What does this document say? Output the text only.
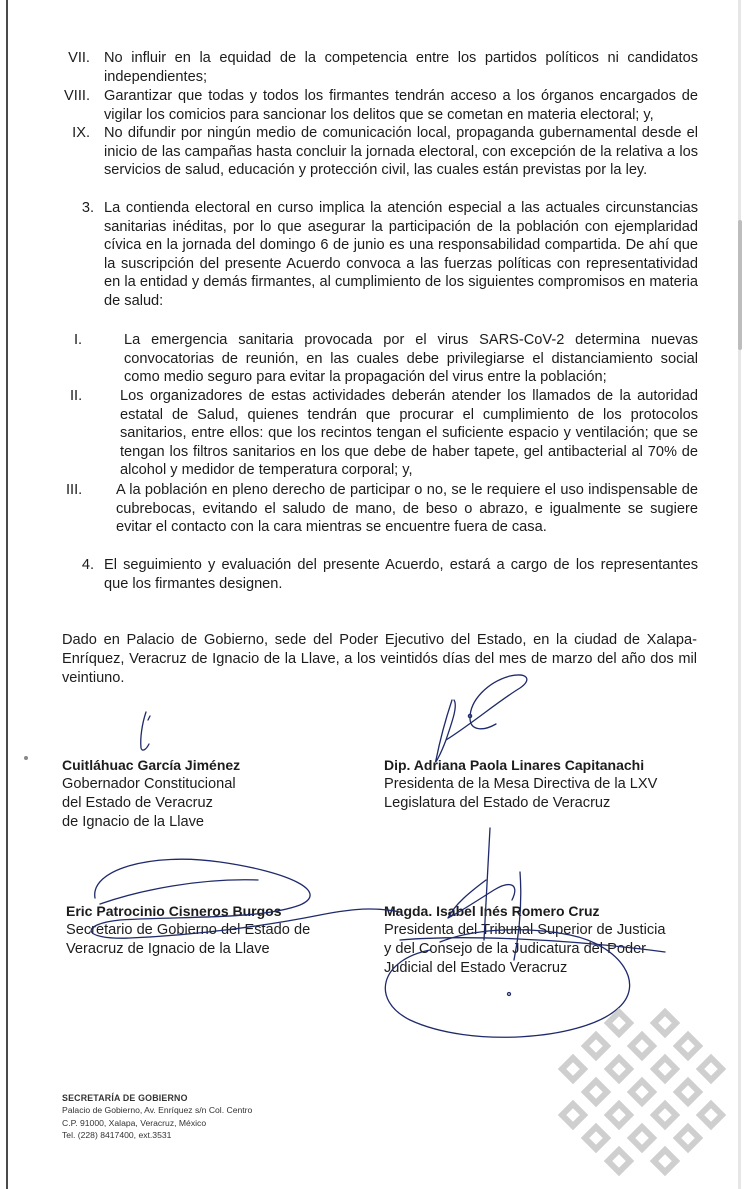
VII. No influir en la equidad de la competencia entre los partidos políticos ni candidatos independientes;
VIII. Garantizar que todas y todos los firmantes tendrán acceso a los órganos encargados de vigilar los comicios para sancionar los delitos que se cometan en materia electoral; y,
IX. No difundir por ningún medio de comunicación local, propaganda gubernamental desde el inicio de las campañas hasta concluir la jornada electoral, con excepción de la relativa a los servicios de salud, educación y protección civil, las cuales están previstas por la ley.
3. La contienda electoral en curso implica la atención especial a las actuales circunstancias sanitarias inéditas, por lo que asegurar la participación de la población con ejemplaridad cívica en la jornada del domingo 6 de junio es una responsabilidad compartida. De ahí que la suscripción del presente Acuerdo convoca a las fuerzas políticas con representatividad en la entidad y demás firmantes, al cumplimiento de los siguientes compromisos en materia de salud:
I.	La emergencia sanitaria provocada por el virus SARS-CoV-2 determina nuevas convocatorias de reunión, en las cuales debe privilegiarse el distanciamiento social como medio seguro para evitar la propagación del virus entre la población;
II.	Los organizadores de estas actividades deberán atender los llamados de la autoridad estatal de Salud, quienes tendrán que procurar el cumplimiento de los protocolos sanitarios, entre ellos: que los recintos tengan el suficiente espacio y ventilación; que se tengan los filtros sanitarios en los que debe de haber tapete, gel antibacterial al 70% de alcohol y medidor de temperatura corporal; y,
III.	A la población en pleno derecho de participar o no, se le requiere el uso indispensable de cubrebocas, evitando el saludo de mano, de beso o abrazo, e igualmente se sugiere evitar el contacto con la cara mientras se encuentre fuera de casa.
4. El seguimiento y evaluación del presente Acuerdo, estará a cargo de los representantes que los firmantes designen.
Dado en Palacio de Gobierno, sede del Poder Ejecutivo del Estado, en la ciudad de Xalapa-Enríquez, Veracruz de Ignacio de la Llave, a los veintidós días del mes de marzo del año dos mil veintiuno.
Cuitláhuac García Jiménez
Gobernador Constitucional
del Estado de Veracruz
de Ignacio de la Llave
Dip. Adriana Paola Linares Capitanachi
Presidenta de la Mesa Directiva de la LXV
Legislatura del Estado de Veracruz
Eric Patrocinio Cisneros Burgos
Secretario de Gobierno del Estado de
Veracruz de Ignacio de la Llave
Magda. Isabel Inés Romero Cruz
Presidenta del Tribunal Superior de Justicia
y del Consejo de la Judicatura del Poder
Judicial del Estado Veracruz
SECRETARÍA DE GOBIERNO
Palacio de Gobierno, Av. Enríquez s/n Col. Centro
C.P. 91000, Xalapa, Veracruz, México
Tel. (228) 8417400, ext.3531
